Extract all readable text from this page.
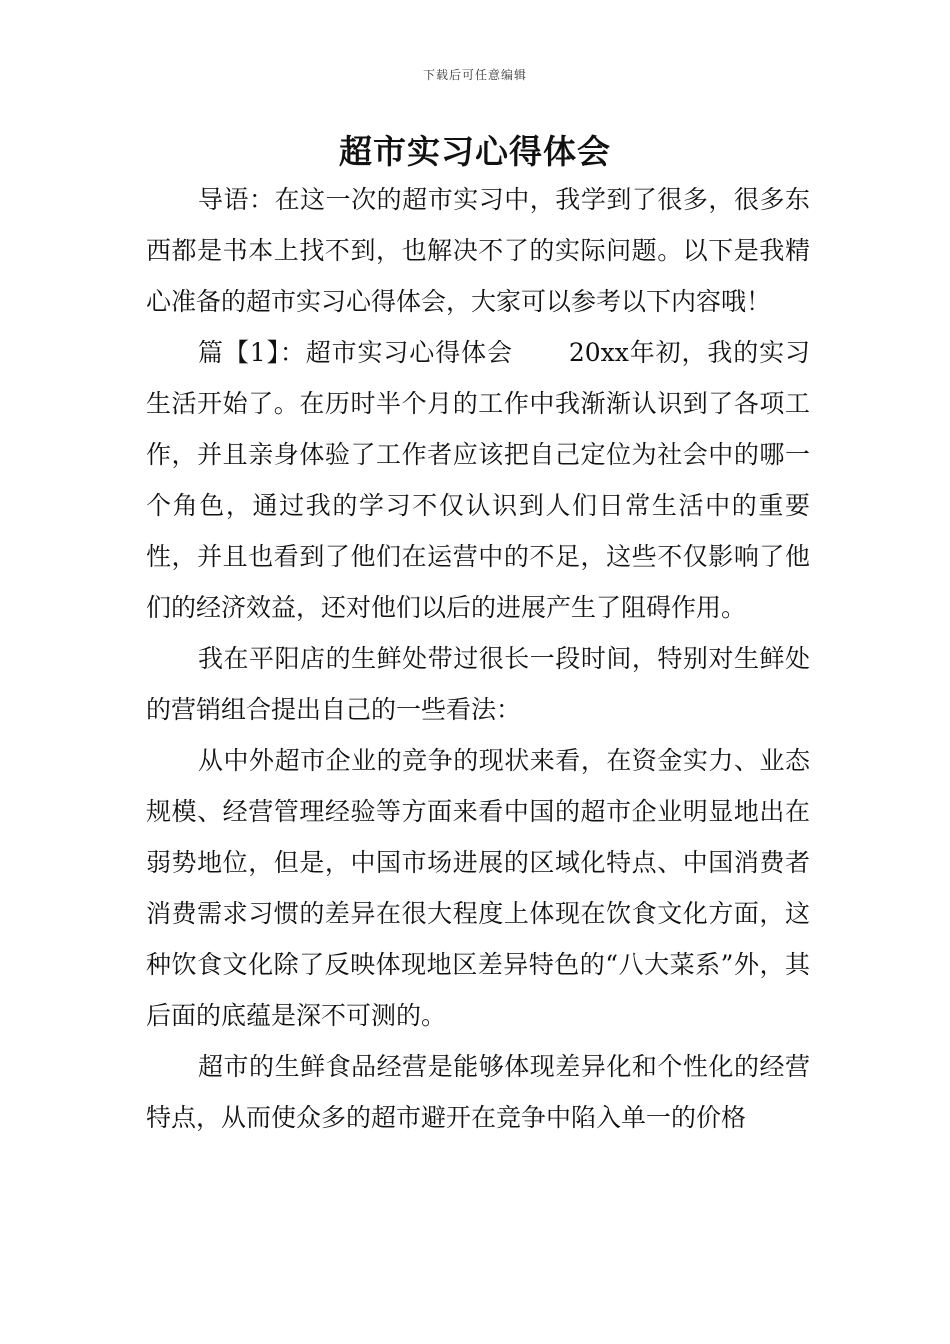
下载后可任意编辑
超市实习心得体会

导语：在这一次的超市实习中，我学到了很多，很多东西都是书本上找不到，也解决不了的实际问题。以下是我精心准备的超市实习心得体会，大家可以参考以下内容哦！

篇【1】：超市实习心得体会 20xx年初，我的实习生活开始了。在历时半个月的工作中我渐渐认识到了各项工作，并且亲身体验了工作者应该把自己定位为社会中的哪一个角色，通过我的学习不仅认识到人们日常生活中的重要性，并且也看到了他们在运营中的不足，这些不仅影响了他们的经济效益，还对他们以后的进展产生了阻碍作用。

我在平阳店的生鲜处带过很长一段时间，特别对生鲜处的营销组合提出自己的一些看法：

从中外超市企业的竞争的现状来看，在资金实力、业态规模、经营管理经验等方面来看中国的超市企业明显地出在弱势地位，但是，中国市场进展的区域化特点、中国消费者消费需求习惯的差异在很大程度上体现在饮食文化方面，这种饮食文化除了反映体现地区差异特色的“八大菜系”外，其后面的底蕴是深不可测的。

超市的生鲜食品经营是能够体现差异化和个性化的经营特点，从而使众多的超市避开在竞争中陷入单一的价格
